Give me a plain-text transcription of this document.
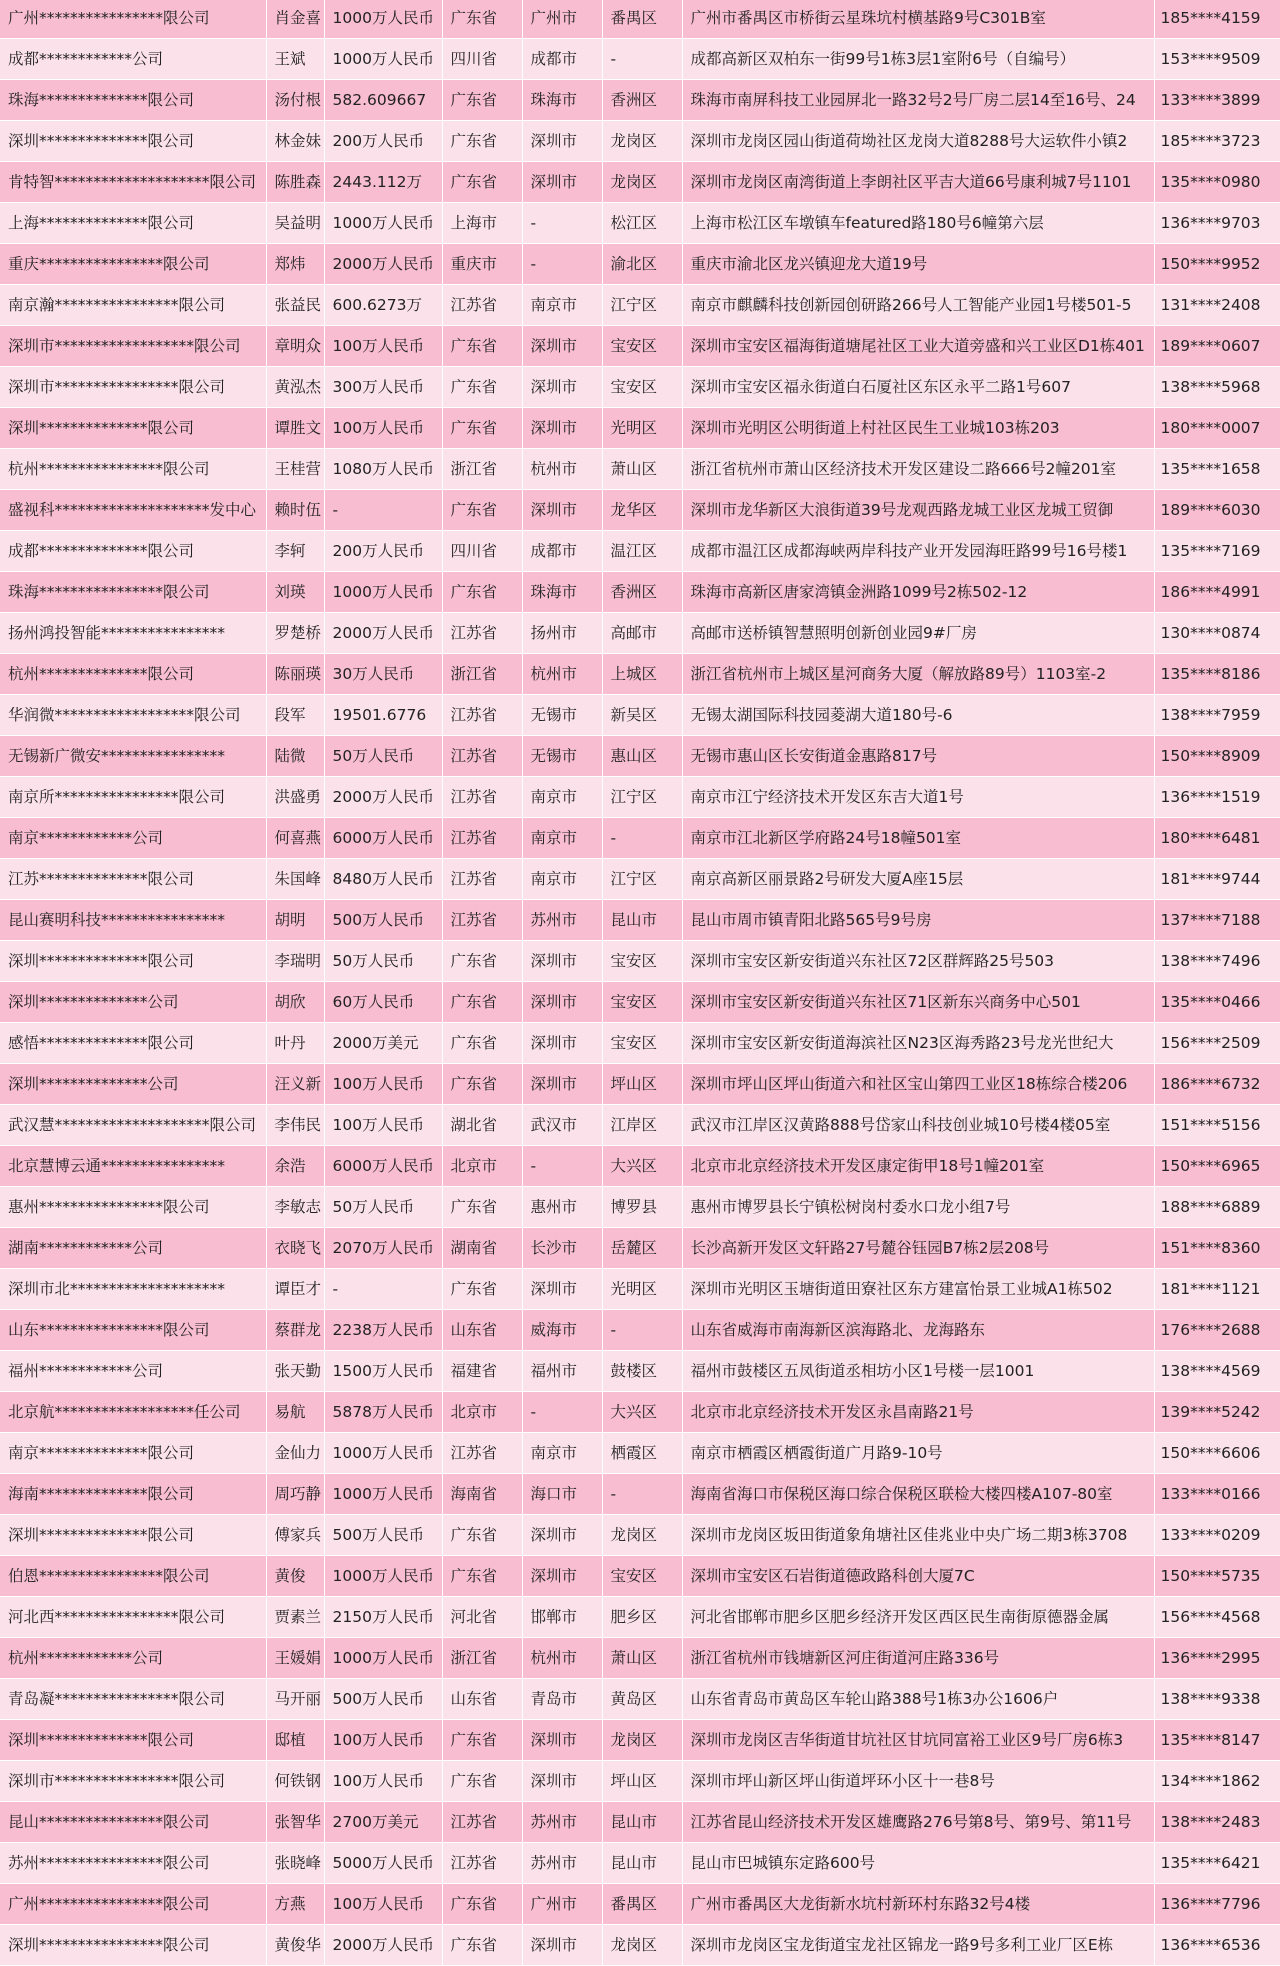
广州****************限公司	肖金喜	1000万人民币	广东省	广州市	番禺区	广州市番禺区市桥街云星珠坑村横基路9号C301B室	185****4159
成都************公司	王斌	1000万人民币	四川省	成都市	-	成都高新区双柏东一街99号1栋3层1室附6号（自编号）	153****9509
珠海**************限公司	汤付根	582.609667	广东省	珠海市	香洲区	珠海市南屏科技工业园屏北一路32号2号厂房二层14至16号、24	133****3899
深圳**************限公司	林金妹	200万人民币	广东省	深圳市	龙岗区	深圳市龙岗区园山街道荷坳社区龙岗大道8288号大运软件小镇2	185****3723
肯特智********************限公司	陈胜森	2443.112万	广东省	深圳市	龙岗区	深圳市龙岗区南湾街道上李朗社区平吉大道66号康利城7号1101	135****0980
上海**************限公司	吴益明	1000万人民币	上海市	-	松江区	上海市松江区车墩镇车featured路180号6幢第六层	136****9703
重庆****************限公司	郑炜	2000万人民币	重庆市	-	渝北区	重庆市渝北区龙兴镇迎龙大道19号	150****9952
南京瀚****************限公司	张益民	600.6273万	江苏省	南京市	江宁区	南京市麒麟科技创新园创研路266号人工智能产业园1号楼501-5	131****2408
深圳市******************限公司	章明众	100万人民币	广东省	深圳市	宝安区	深圳市宝安区福海街道塘尾社区工业大道旁盛和兴工业区D1栋401	189****0607
深圳市****************限公司	黄泓杰	300万人民币	广东省	深圳市	宝安区	深圳市宝安区福永街道白石厦社区东区永平二路1号607	138****5968
深圳**************限公司	谭胜文	100万人民币	广东省	深圳市	光明区	深圳市光明区公明街道上村社区民生工业城103栋203	180****0007
杭州****************限公司	王桂营	1080万人民币	浙江省	杭州市	萧山区	浙江省杭州市萧山区经济技术开发区建设二路666号2幢201室	135****1658
盛视科********************发中心	赖时伍	-	广东省	深圳市	龙华区	深圳市龙华新区大浪街道39号龙观西路龙城工业区龙城工贸御	189****6030
成都**************限公司	李轲	200万人民币	四川省	成都市	温江区	成都市温江区成都海峡两岸科技产业开发园海旺路99号16号楼1	135****7169
珠海****************限公司	刘瑛	1000万人民币	广东省	珠海市	香洲区	珠海市高新区唐家湾镇金洲路1099号2栋502-12	186****4991
扬州鸿投智能****************	罗楚桥	2000万人民币	江苏省	扬州市	高邮市	高邮市送桥镇智慧照明创新创业园9#厂房	130****0874
杭州**************限公司	陈丽瑛	30万人民币	浙江省	杭州市	上城区	浙江省杭州市上城区星河商务大厦（解放路89号）1103室-2	135****8186
华润微******************限公司	段军	19501.6776	江苏省	无锡市	新吴区	无锡太湖国际科技园菱湖大道180号-6	138****7959
无锡新广微安****************	陆微	50万人民币	江苏省	无锡市	惠山区	无锡市惠山区长安街道金惠路817号	150****8909
南京所****************限公司	洪盛勇	2000万人民币	江苏省	南京市	江宁区	南京市江宁经济技术开发区东吉大道1号	136****1519
南京************公司	何喜燕	6000万人民币	江苏省	南京市	-	南京市江北新区学府路24号18幢501室	180****6481
江苏**************限公司	朱国峰	8480万人民币	江苏省	南京市	江宁区	南京高新区丽景路2号研发大厦A座15层	181****9744
昆山赛明科技****************	胡明	500万人民币	江苏省	苏州市	昆山市	昆山市周市镇青阳北路565号9号房	137****7188
深圳**************限公司	李瑞明	50万人民币	广东省	深圳市	宝安区	深圳市宝安区新安街道兴东社区72区群辉路25号503	138****7496
深圳**************公司	胡欣	60万人民币	广东省	深圳市	宝安区	深圳市宝安区新安街道兴东社区71区新东兴商务中心501	135****0466
感悟**************限公司	叶丹	2000万美元	广东省	深圳市	宝安区	深圳市宝安区新安街道海滨社区N23区海秀路23号龙光世纪大	156****2509
深圳**************公司	汪义新	100万人民币	广东省	深圳市	坪山区	深圳市坪山区坪山街道六和社区宝山第四工业区18栋综合楼206	186****6732
武汉慧********************限公司	李伟民	100万人民币	湖北省	武汉市	江岸区	武汉市江岸区汉黄路888号岱家山科技创业城10号楼4楼05室	151****5156
北京慧博云通****************	余浩	6000万人民币	北京市	-	大兴区	北京市北京经济技术开发区康定街甲18号1幢201室	150****6965
惠州****************限公司	李敏志	50万人民币	广东省	惠州市	博罗县	惠州市博罗县长宁镇松树岗村委水口龙小组7号	188****6889
湖南************公司	衣晓飞	2070万人民币	湖南省	长沙市	岳麓区	长沙高新开发区文轩路27号麓谷钰园B7栋2层208号	151****8360
深圳市北********************	谭臣才	-	广东省	深圳市	光明区	深圳市光明区玉塘街道田寮社区东方建富怡景工业城A1栋502	181****1121
山东****************限公司	蔡群龙	2238万人民币	山东省	威海市	-	山东省威海市南海新区滨海路北、龙海路东	176****2688
福州************公司	张天勤	1500万人民币	福建省	福州市	鼓楼区	福州市鼓楼区五凤街道丞相坊小区1号楼一层1001	138****4569
北京航******************任公司	易航	5878万人民币	北京市	-	大兴区	北京市北京经济技术开发区永昌南路21号	139****5242
南京**************限公司	金仙力	1000万人民币	江苏省	南京市	栖霞区	南京市栖霞区栖霞街道广月路9-10号	150****6606
海南**************限公司	周巧静	1000万人民币	海南省	海口市	-	海南省海口市保税区海口综合保税区联检大楼四楼A107-80室	133****0166
深圳**************限公司	傅家兵	500万人民币	广东省	深圳市	龙岗区	深圳市龙岗区坂田街道象角塘社区佳兆业中央广场二期3栋3708	133****0209
伯恩****************限公司	黄俊	1000万人民币	广东省	深圳市	宝安区	深圳市宝安区石岩街道德政路科创大厦7C	150****5735
河北西****************限公司	贾素兰	2150万人民币	河北省	邯郸市	肥乡区	河北省邯郸市肥乡区肥乡经济开发区西区民生南街原德器金属	156****4568
杭州************公司	王媛娟	1000万人民币	浙江省	杭州市	萧山区	浙江省杭州市钱塘新区河庄街道河庄路336号	136****2995
青岛凝****************限公司	马开丽	500万人民币	山东省	青岛市	黄岛区	山东省青岛市黄岛区车轮山路388号1栋3办公1606户	138****9338
深圳**************限公司	邸植	100万人民币	广东省	深圳市	龙岗区	深圳市龙岗区吉华街道甘坑社区甘坑同富裕工业区9号厂房6栋3	135****8147
深圳市****************限公司	何铁钢	100万人民币	广东省	深圳市	坪山区	深圳市坪山新区坪山街道坪环小区十一巷8号	134****1862
昆山****************限公司	张智华	2700万美元	江苏省	苏州市	昆山市	江苏省昆山经济技术开发区雄鹰路276号第8号、第9号、第11号	138****2483
苏州****************限公司	张晓峰	5000万人民币	江苏省	苏州市	昆山市	昆山市巴城镇东定路600号	135****6421
广州****************限公司	方燕	100万人民币	广东省	广州市	番禺区	广州市番禺区大龙街新水坑村新环村东路32号4楼	136****7796
深圳****************限公司	黄俊华	2000万人民币	广东省	深圳市	龙岗区	深圳市龙岗区宝龙街道宝龙社区锦龙一路9号多利工业厂区E栋	136****6536
